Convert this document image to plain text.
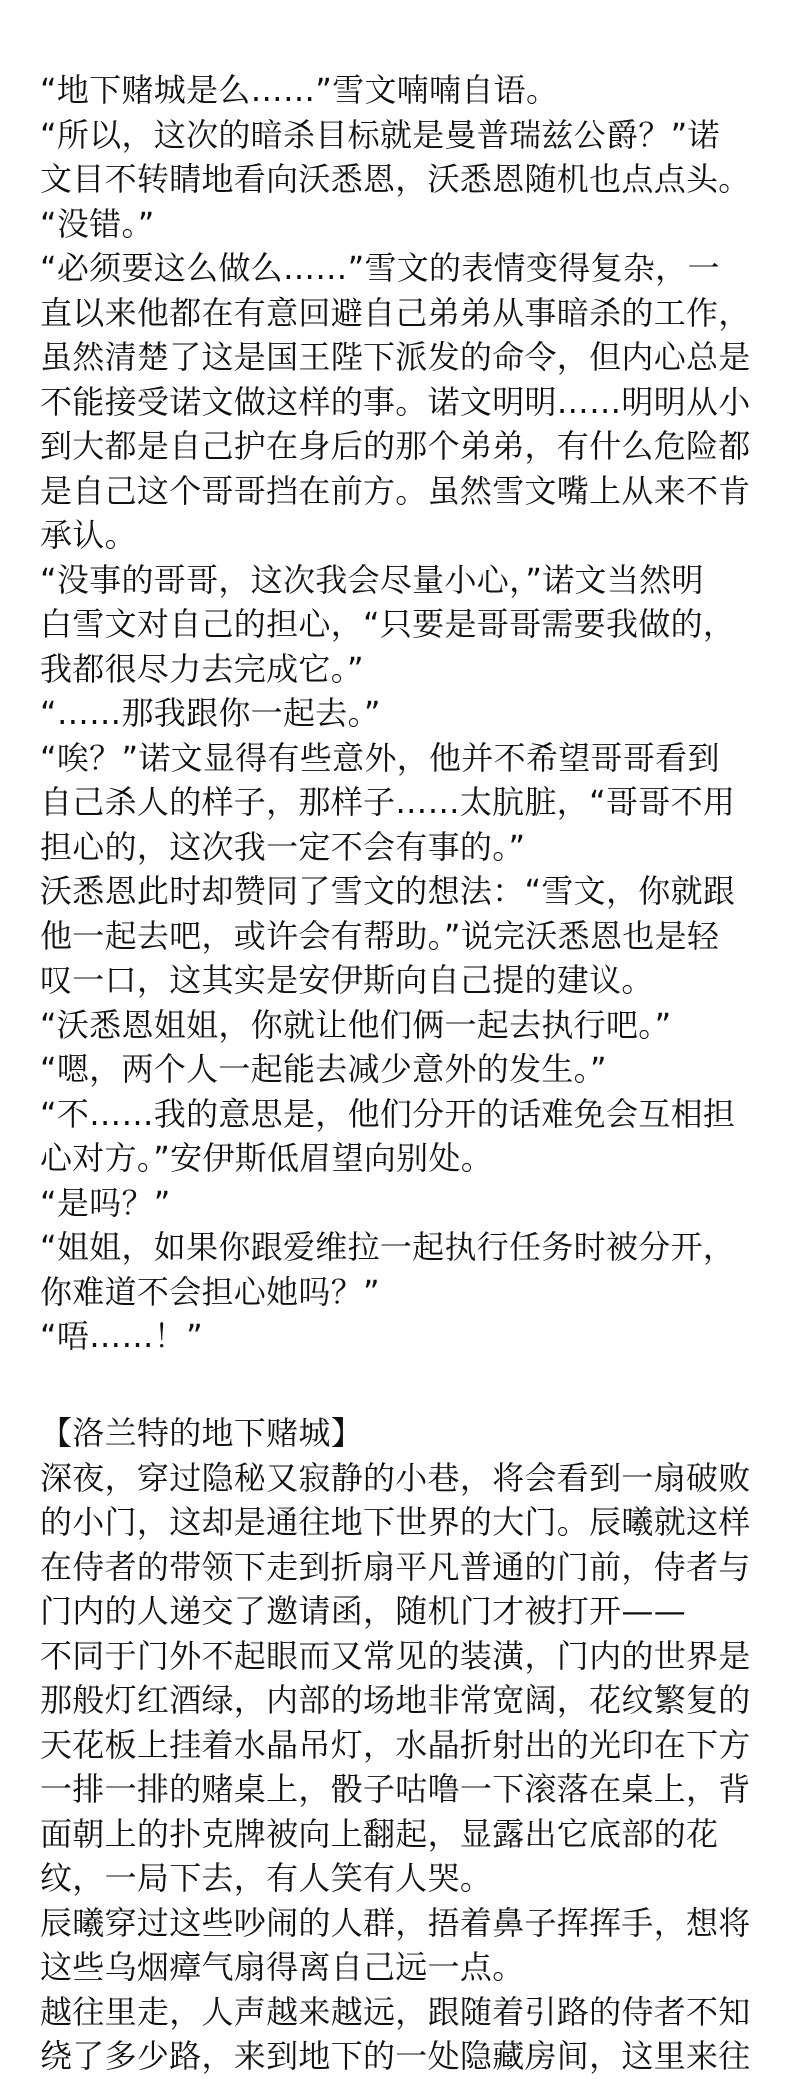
“地下赌城是么……”雪文喃喃自语。
“所以，这次的暗杀目标就是曼普瑞兹公爵？”诺
文目不转睛地看向沃悉恩，沃悉恩随机也点点头。
“没错。”
“必须要这么做么……”雪文的表情变得复杂，一
直以来他都在有意回避自己弟弟从事暗杀的工作，
虽然清楚了这是国王陛下派发的命令，但内心总是
不能接受诺文做这样的事。诺文明明……明明从小
到大都是自己护在身后的那个弟弟，有什么危险都
是自己这个哥哥挡在前方。虽然雪文嘴上从来不肯
承认。
“没事的哥哥，这次我会尽量小心，”诺文当然明
白雪文对自己的担心，“只要是哥哥需要我做的，
我都很尽力去完成它。”
“……那我跟你一起去。”
“唉？”诺文显得有些意外，他并不希望哥哥看到
自己杀人的样子，那样子……太肮脏，“哥哥不用
担心的，这次我一定不会有事的。”
沃悉恩此时却赞同了雪文的想法：“雪文，你就跟
他一起去吧，或许会有帮助。”说完沃悉恩也是轻
叹一口，这其实是安伊斯向自己提的建议。
“沃悉恩姐姐，你就让他们俩一起去执行吧。”
“嗯，两个人一起能去减少意外的发生。”
“不……我的意思是，他们分开的话难免会互相担
心对方。”安伊斯低眉望向别处。
“是吗？”
“姐姐，如果你跟爱维拉一起执行任务时被分开，
你难道不会担心她吗？”
“唔……！”
【洛兰特的地下赌城】
深夜，穿过隐秘又寂静的小巷，将会看到一扇破败
的小门，这却是通往地下世界的大门。辰曦就这样
在侍者的带领下走到折扇平凡普通的门前，侍者与
门内的人递交了邀请函，随机门才被打开——
不同于门外不起眼而又常见的装潢，门内的世界是
那般灯红酒绿，内部的场地非常宽阔，花纹繁复的
天花板上挂着水晶吊灯，水晶折射出的光印在下方
一排一排的赌桌上，骰子咕噜一下滚落在桌上，背
面朝上的扑克牌被向上翻起，显露出它底部的花
纹，一局下去，有人笑有人哭。
辰曦穿过这些吵闹的人群，捂着鼻子挥挥手，想将
这些乌烟瘴气扇得离自己远一点。
越往里走，人声越来越远，跟随着引路的侍者不知
绕了多少路，来到地下的一处隐藏房间，这里来往
